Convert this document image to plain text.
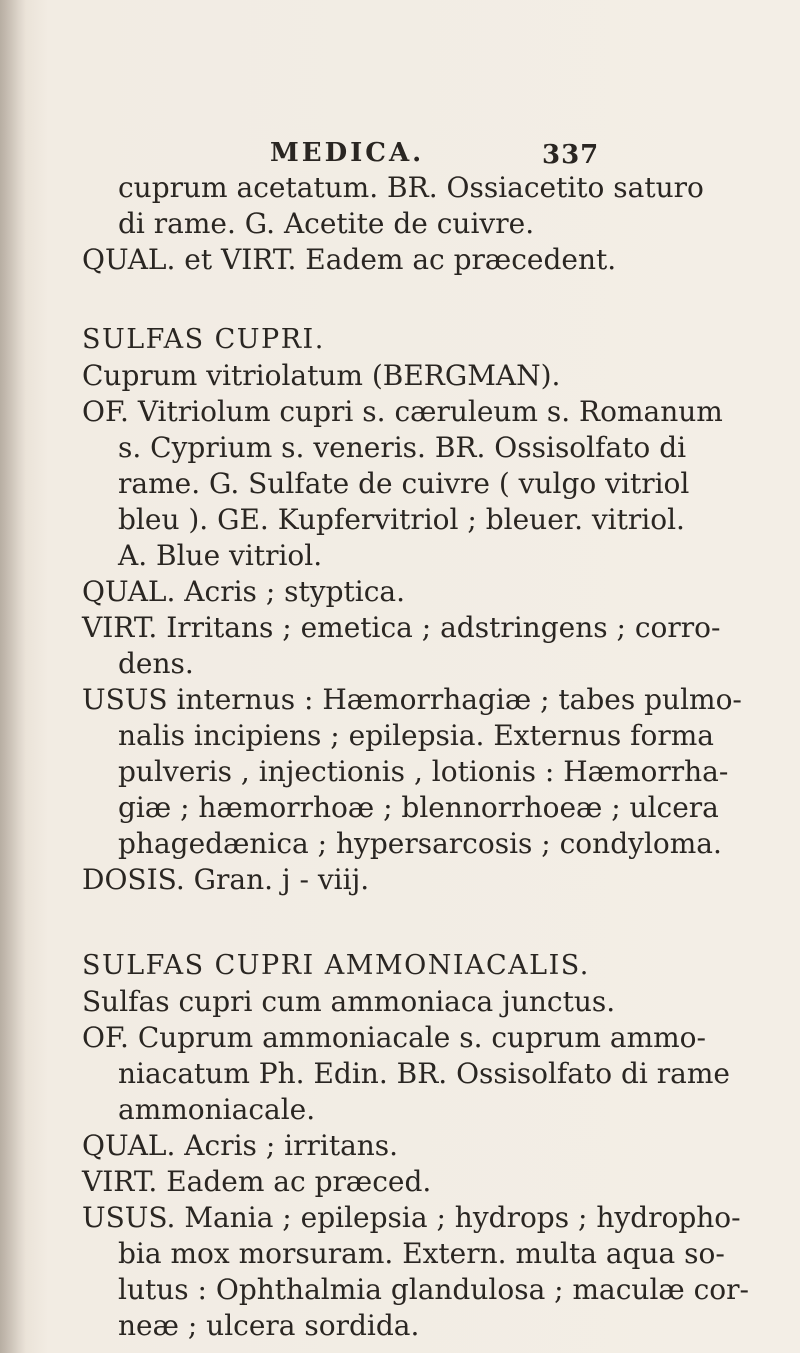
MEDICA.	337
cuprum acetatum. BR. Ossiacetito saturo
di rame. G. Acetite de cuivre.
QUAL. et VIRT. Eadem ac præcedent.
SULFAS CUPRI.
Cuprum vitriolatum (BERGMAN).
OF. Vitriolum cupri s. cæruleum s. Romanum
s. Cyprium s. veneris. BR. Ossisolfato di
rame. G. Sulfate de cuivre ( vulgo vitriol
bleu ). GE. Kupfervitriol ; bleuer. vitriol.
A. Blue vitriol.
QUAL. Acris ; styptica.
VIRT. Irritans ; emetica ; adstringens ; corro-
dens.
USUS internus : Hæmorrhagiæ ; tabes pulmo-
nalis incipiens ; epilepsia. Externus forma
pulveris , injectionis , lotionis : Hæmorrha-
giæ ; hæmorrhoæ ; blennorrhoeæ ; ulcera
phagedænica ; hypersarcosis ; condyloma.
DOSIS. Gran. j - viij.
SULFAS CUPRI AMMONIACALIS.
Sulfas cupri cum ammoniaca junctus.
OF. Cuprum ammoniacale s. cuprum ammo-
niacatum Ph. Edin. BR. Ossisolfato di rame
ammoniacale.
QUAL. Acris ; irritans.
VIRT. Eadem ac præced.
USUS. Mania ; epilepsia ; hydrops ; hydropho-
bia mox morsuram. Extern. multa aqua so-
lutus : Ophthalmia glandulosa ; maculæ cor-
neæ ; ulcera sordida.
